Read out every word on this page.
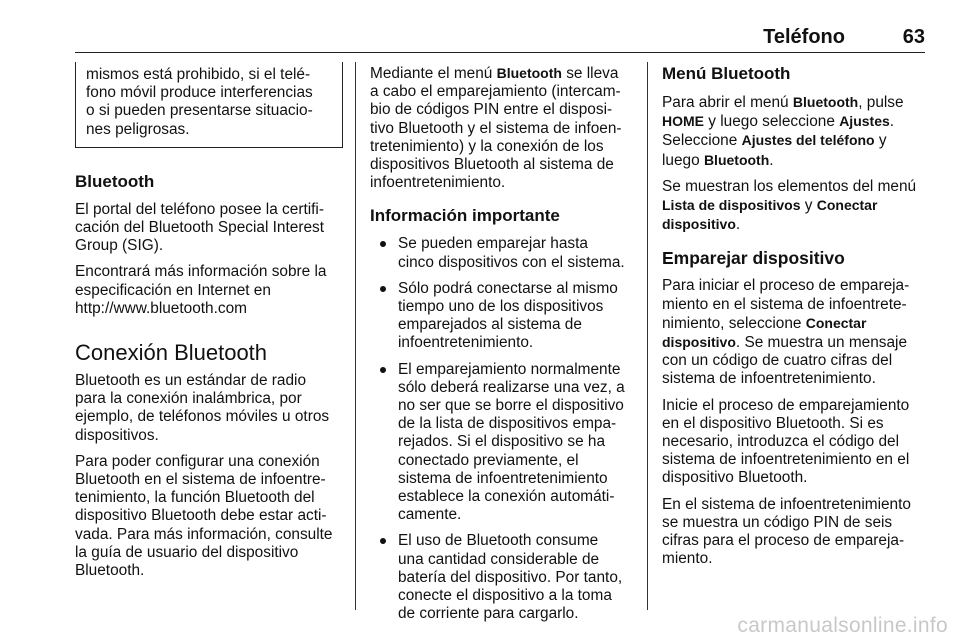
Teléfono	63

mismos está prohibido, si el telé-
fono móvil produce interferencias
o si pueden presentarse situacio-
nes peligrosas.

Bluetooth

El portal del teléfono posee la certifi-
cación del Bluetooth Special Interest
Group (SIG).

Encontrará más información sobre la
especificación en Internet en
http://www.bluetooth.com

Conexión Bluetooth

Bluetooth es un estándar de radio
para la conexión inalámbrica, por
ejemplo, de teléfonos móviles u otros
dispositivos.

Para poder configurar una conexión
Bluetooth en el sistema de infoentre-
tenimiento, la función Bluetooth del
dispositivo Bluetooth debe estar acti-
vada. Para más información, consulte
la guía de usuario del dispositivo
Bluetooth.

Mediante el menú Bluetooth se lleva
a cabo el emparejamiento (intercam-
bio de códigos PIN entre el disposi-
tivo Bluetooth y el sistema de infoen-
tretenimiento) y la conexión de los
dispositivos Bluetooth al sistema de
infoentretenimiento.

Información importante
Se pueden emparejar hasta
cinco dispositivos con el sistema.
Sólo podrá conectarse al mismo
tiempo uno de los dispositivos
emparejados al sistema de
infoentretenimiento.
El emparejamiento normalmente
sólo deberá realizarse una vez, a
no ser que se borre el dispositivo
de la lista de dispositivos empa-
rejados. Si el dispositivo se ha
conectado previamente, el
sistema de infoentretenimiento
establece la conexión automáti-
camente.
El uso de Bluetooth consume
una cantidad considerable de
batería del dispositivo. Por tanto,
conecte el dispositivo a la toma
de corriente para cargarlo.
Menú Bluetooth

Para abrir el menú Bluetooth, pulse
HOME y luego seleccione Ajustes.
Seleccione Ajustes del teléfono y
luego Bluetooth.

Se muestran los elementos del menú
Lista de dispositivos y Conectar
dispositivo.

Emparejar dispositivo

Para iniciar el proceso de empareja-
miento en el sistema de infoentrete-
nimiento, seleccione Conectar
dispositivo. Se muestra un mensaje
con un código de cuatro cifras del
sistema de infoentretenimiento.

Inicie el proceso de emparejamiento
en el dispositivo Bluetooth. Si es
necesario, introduzca el código del
sistema de infoentretenimiento en el
dispositivo Bluetooth.

En el sistema de infoentretenimiento
se muestra un código PIN de seis
cifras para el proceso de empareja-
miento.

carmanualsonline.info
